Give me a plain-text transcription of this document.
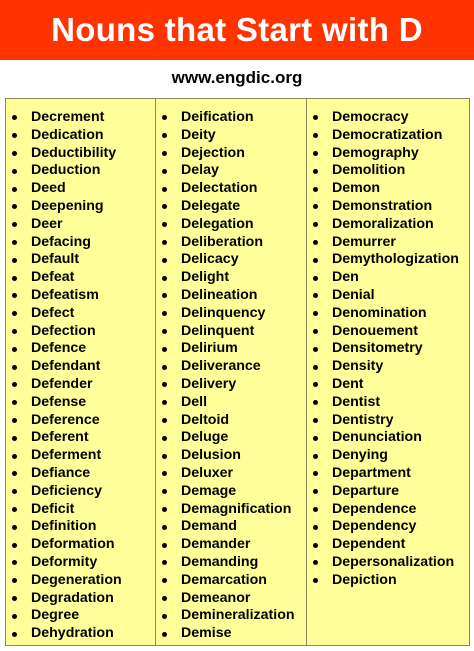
Nouns that Start with D
www.engdic.org
Decrement
Dedication
Deductibility
Deduction
Deed
Deepening
Deer
Defacing
Default
Defeat
Defeatism
Defect
Defection
Defence
Defendant
Defender
Defense
Deference
Deferent
Deferment
Defiance
Deficiency
Deficit
Definition
Deformation
Deformity
Degeneration
Degradation
Degree
Dehydration
Deification
Deity
Dejection
Delay
Delectation
Delegate
Delegation
Deliberation
Delicacy
Delight
Delineation
Delinquency
Delinquent
Delirium
Deliverance
Delivery
Dell
Deltoid
Deluge
Delusion
Deluxer
Demage
Demagnification
Demand
Demander
Demanding
Demarcation
Demeanor
Demineralization
Demise
Democracy
Democratization
Demography
Demolition
Demon
Demonstration
Demoralization
Demurrer
Demythologization
Den
Denial
Denomination
Denouement
Densitometry
Density
Dent
Dentist
Dentistry
Denunciation
Denying
Department
Departure
Dependence
Dependency
Dependent
Depersonalization
Depiction
